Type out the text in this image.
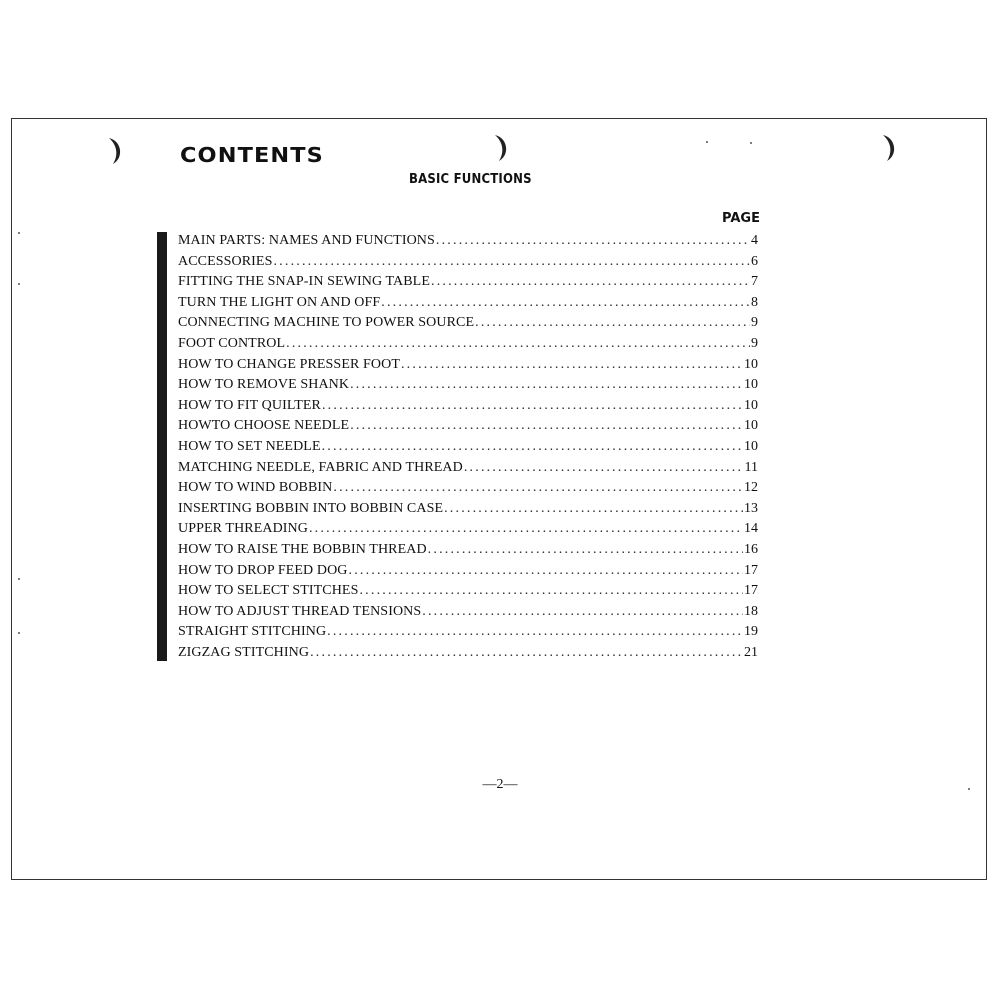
CONTENTS
BASIC FUNCTIONS
PAGE
MAIN PARTS: NAMES AND FUNCTIONS .....	4
ACCESSORIES .....	6
FITTING THE SNAP-IN SEWING TABLE .....	7
TURN THE LIGHT ON AND OFF .....	8
CONNECTING MACHINE TO POWER SOURCE .....	9
FOOT CONTROL .....	9
HOW TO CHANGE PRESSER FOOT .....	10
HOW TO REMOVE SHANK .....	10
HOW TO FIT QUILTER .....	10
HOWTO CHOOSE NEEDLE .....	10
HOW TO SET NEEDLE .....	10
MATCHING NEEDLE, FABRIC AND THREAD .....	11
HOW TO WIND BOBBIN .....	12
INSERTING BOBBIN INTO BOBBIN CASE .....	13
UPPER THREADING .....	14
HOW TO RAISE THE BOBBIN THREAD .....	16
HOW TO DROP FEED DOG .....	17
HOW TO SELECT STITCHES .....	17
HOW TO ADJUST THREAD TENSIONS .....	18
STRAIGHT STITCHING .....	19
ZIGZAG STITCHING .....	21
—2—
